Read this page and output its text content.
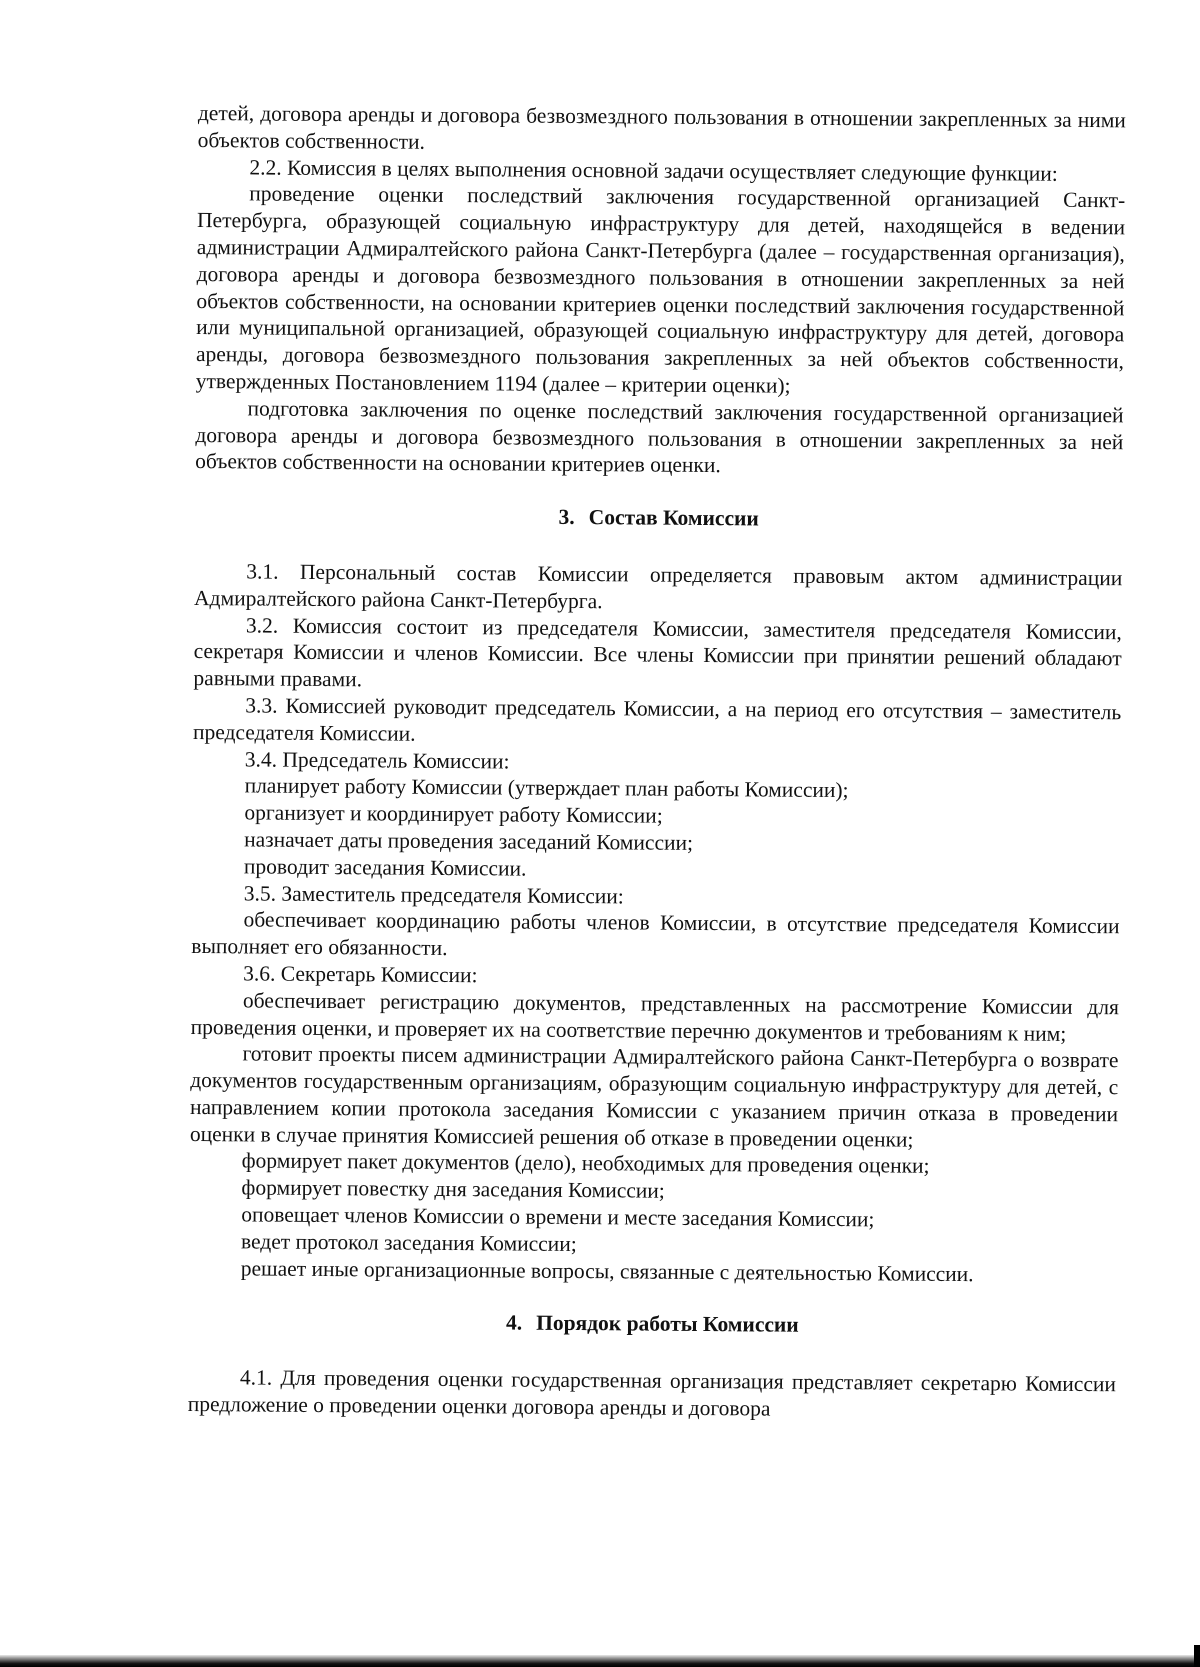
детей, договора аренды и договора безвозмездного пользования в отношении закрепленных за ними объектов собственности.

2.2. Комиссия в целях выполнения основной задачи осуществляет следующие функции:

проведение оценки последствий заключения государственной организацией Санкт-Петербурга, образующей социальную инфраструктуру для детей, находящейся в ведении администрации Адмиралтейского района Санкт-Петербурга (далее – государственная организация), договора аренды и договора безвозмездного пользования в отношении закрепленных за ней объектов собственности, на основании критериев оценки последствий заключения государственной или муниципальной организацией, образующей социальную инфраструктуру для детей, договора аренды, договора безвозмездного пользования закрепленных за ней объектов собственности, утвержденных Постановлением 1194 (далее – критерии оценки);

подготовка заключения по оценке последствий заключения государственной организацией договора аренды и договора безвозмездного пользования в отношении закрепленных за ней объектов собственности на основании критериев оценки.

3. Состав Комиссии

3.1. Персональный состав Комиссии определяется правовым актом администрации Адмиралтейского района Санкт-Петербурга.

3.2. Комиссия состоит из председателя Комиссии, заместителя председателя Комиссии, секретаря Комиссии и членов Комиссии. Все члены Комиссии при принятии решений обладают равными правами.

3.3. Комиссией руководит председатель Комиссии, а на период его отсутствия – заместитель председателя Комиссии.

3.4. Председатель Комиссии:

планирует работу Комиссии (утверждает план работы Комиссии);

организует и координирует работу Комиссии;

назначает даты проведения заседаний Комиссии;

проводит заседания Комиссии.

3.5. Заместитель председателя Комиссии:

обеспечивает координацию работы членов Комиссии, в отсутствие председателя Комиссии выполняет его обязанности.

3.6. Секретарь Комиссии:

обеспечивает регистрацию документов, представленных на рассмотрение Комиссии для проведения оценки, и проверяет их на соответствие перечню документов и требованиям к ним;

готовит проекты писем администрации Адмиралтейского района Санкт-Петербурга о возврате документов государственным организациям, образующим социальную инфраструктуру для детей, с направлением копии протокола заседания Комиссии с указанием причин отказа в проведении оценки в случае принятия Комиссией решения об отказе в проведении оценки;

формирует пакет документов (дело), необходимых для проведения оценки;

формирует повестку дня заседания Комиссии;

оповещает членов Комиссии о времени и месте заседания Комиссии;

ведет протокол заседания Комиссии;

решает иные организационные вопросы, связанные с деятельностью Комиссии.

4. Порядок работы Комиссии

4.1. Для проведения оценки государственная организация представляет секретарю Комиссии предложение о проведении оценки договора аренды и договора
